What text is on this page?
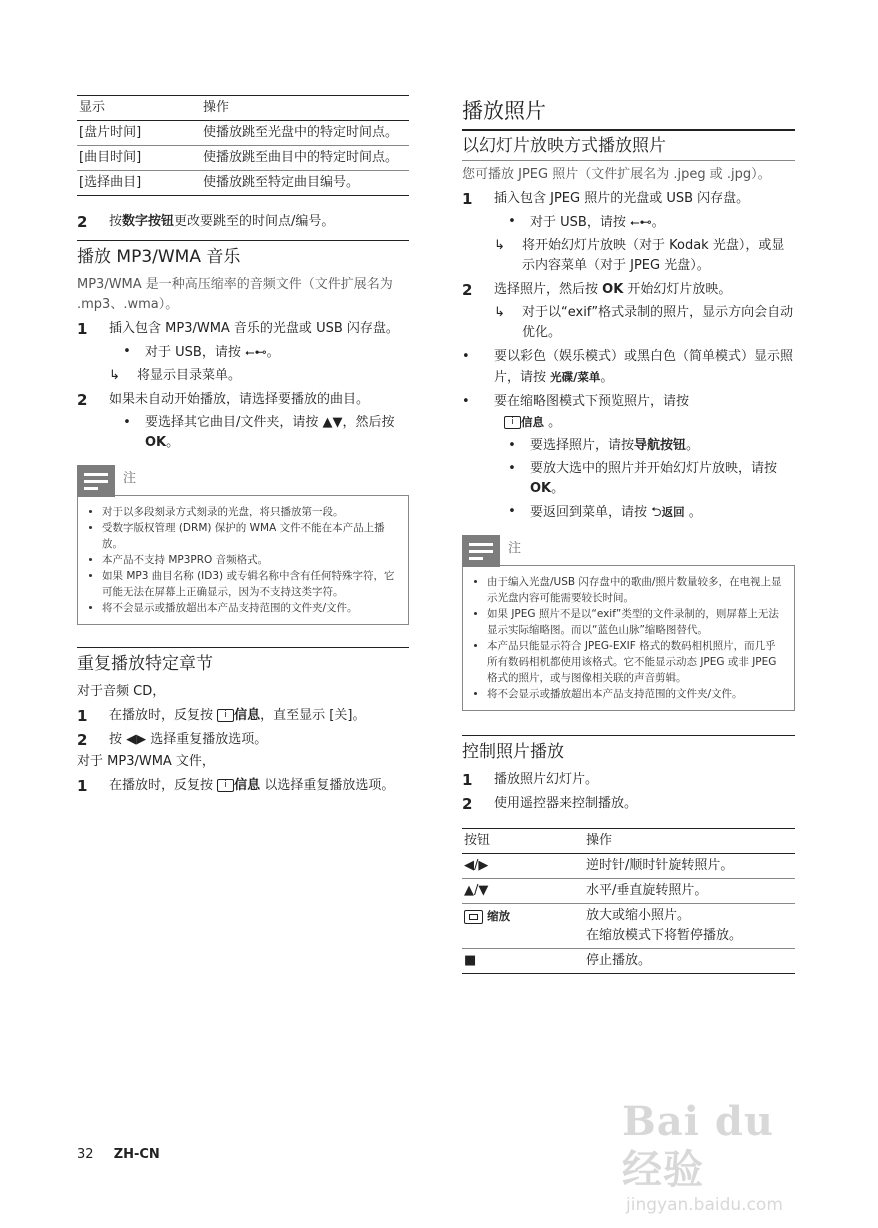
显示	操作
[盘片时间]	使播放跳至光盘中的特定时间点。
[曲目时间]	使播放跳至曲目中的特定时间点。
[选择曲目]	使播放跳至特定曲目编号。
2	按数字按钮更改要跳至的时间点/编号。
播放 MP3/WMA 音乐

MP3/WMA 是一种高压缩率的音频文件（文件扩展名为 .mp3、.wma）。

1	插入包含 MP3/WMA 音乐的光盘或 USB 闪存盘。
•	对于 USB，请按 ⭠⊷。
↳	将显示目录菜单。
2	如果未自动开始播放，请选择要播放的曲目。
•	要选择其它曲目/文件夹，请按 ▲▼，然后按OK。
注
• 对于以多段刻录方式刻录的光盘，将只播放第一段。
• 受数字版权管理 (DRM) 保护的 WMA 文件不能在本产品上播放。
• 本产品不支持 MP3PRO 音频格式。
• 如果 MP3 曲目名称 (ID3) 或专辑名称中含有任何特殊字符，它可能无法在屏幕上正确显示，因为不支持这类字符。
• 将不会显示或播放超出本产品支持范围的文件夹/文件。
重复播放特定章节

对于音频 CD，

1	在播放时，反复按 i 信息，直至显示 [关]。
2	按 ◀▶ 选择重复播放选项。

对于 MP3/WMA 文件，

1	在播放时，反复按 i 信息 以选择重复播放选项。
播放照片
以幻灯片放映方式播放照片

您可播放 JPEG 照片（文件扩展名为 .jpeg 或 .jpg）。

1	插入包含 JPEG 照片的光盘或 USB 闪存盘。
•	对于 USB，请按 ⭠⊷。
↳	将开始幻灯片放映（对于 Kodak 光盘），或显示内容菜单（对于 JPEG 光盘）。
2	选择照片，然后按 OK 开始幻灯片放映。
↳	对于以“exif”格式录制的照片，显示方向会自动优化。
•	要以彩色（娱乐模式）或黑白色（简单模式）显示照片，请按 光碟/菜单。
•	要在缩略图模式下预览照片，请按
i 信息 。
•	要选择照片，请按导航按钮。
•	要放大选中的照片并开始幻灯片放映，请按 OK。
•	要返回到菜单，请按 ⮌返回 。
注
• 由于编入光盘/USB 闪存盘中的歌曲/照片数量较多，在电视上显示光盘内容可能需要较长时间。
• 如果 JPEG 照片不是以“exif”类型的文件录制的，则屏幕上无法显示实际缩略图。而以“蓝色山脉”缩略图替代。
• 本产品只能显示符合 JPEG-EXIF 格式的数码相机照片，而几乎所有数码相机都使用该格式。它不能显示动态 JPEG 或非 JPEG 格式的照片，或与图像相关联的声音剪辑。
• 将不会显示或播放超出本产品支持范围的文件夹/文件。
控制照片播放
1	播放照片幻灯片。
2	使用遥控器来控制播放。
按钮	操作
◀/▶	逆时针/顺时针旋转照片。
▲/▼	水平/垂直旋转照片。
缩放	放大或缩小照片。
在缩放模式下将暂停播放。

■	停止播放。
32 ZH-CN
Bai du 经验
jingyan.baidu.com
